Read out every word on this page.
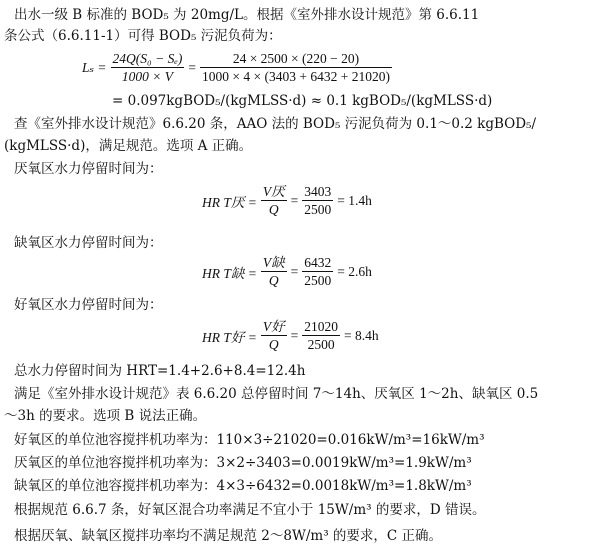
出水一级 B 标准的 BOD₅ 为 20mg/L。根据《室外排水设计规范》第 6.6.11
条公式（6.6.11-1）可得 BOD₅ 污泥负荷为：
$L_s = \frac{\text{24Q(S₀ − Sₑ)}}{1000 \times V} = \frac{24 \times 2500 \times (220 - 20)}{1000 \times 4 \times (3403 + 6432 + 21020)}$
= 0.097kgBOD₅/(kgMLSS·d) ≈ 0.1 kgBOD₅/(kgMLSS·d)
查《室外排水设计规范》6.6.20 条，AAO 法的 BOD₅ 污泥负荷为 0.1～0.2 kgBOD₅/
(kgMLSS·d)，满足规范。选项 A 正确。
厌氧区水力停留时间为：
HR T厌 = $\frac{\text{V厌}}{Q} = \frac{3403}{2500} = 1.4h$
缺氧区水力停留时间为：
HR T缺 = $\frac{\text{V缺}}{Q} = \frac{6432}{2500} = 2.6h$
好氧区水力停留时间为：
HR T好 = $\frac{\text{V好}}{Q} = \frac{21020}{2500} = 8.4h$
总水力停留时间为 HRT=1.4+2.6+8.4=12.4h
满足《室外排水设计规范》表 6.6.20 总停留时间 7～14h、厌氧区 1～2h、缺氧区 0.5
～3h 的要求。选项 B 说法正确。
好氧区的单位池容搅拌机功率为：110×3÷21020=0.016kW/m³=16kW/m³
厌氧区的单位池容搅拌机功率为：3×2÷3403=0.0019kW/m³=1.9kW/m³
缺氧区的单位池容搅拌机功率为：4×3÷6432=0.0018kW/m³=1.8kW/m³
根据规范 6.6.7 条，好氧区混合功率满足不宜小于 15W/m³ 的要求，D 错误。
根据厌氧、缺氧区搅拌功率均不满足规范 2～8W/m³ 的要求，C 正确。
